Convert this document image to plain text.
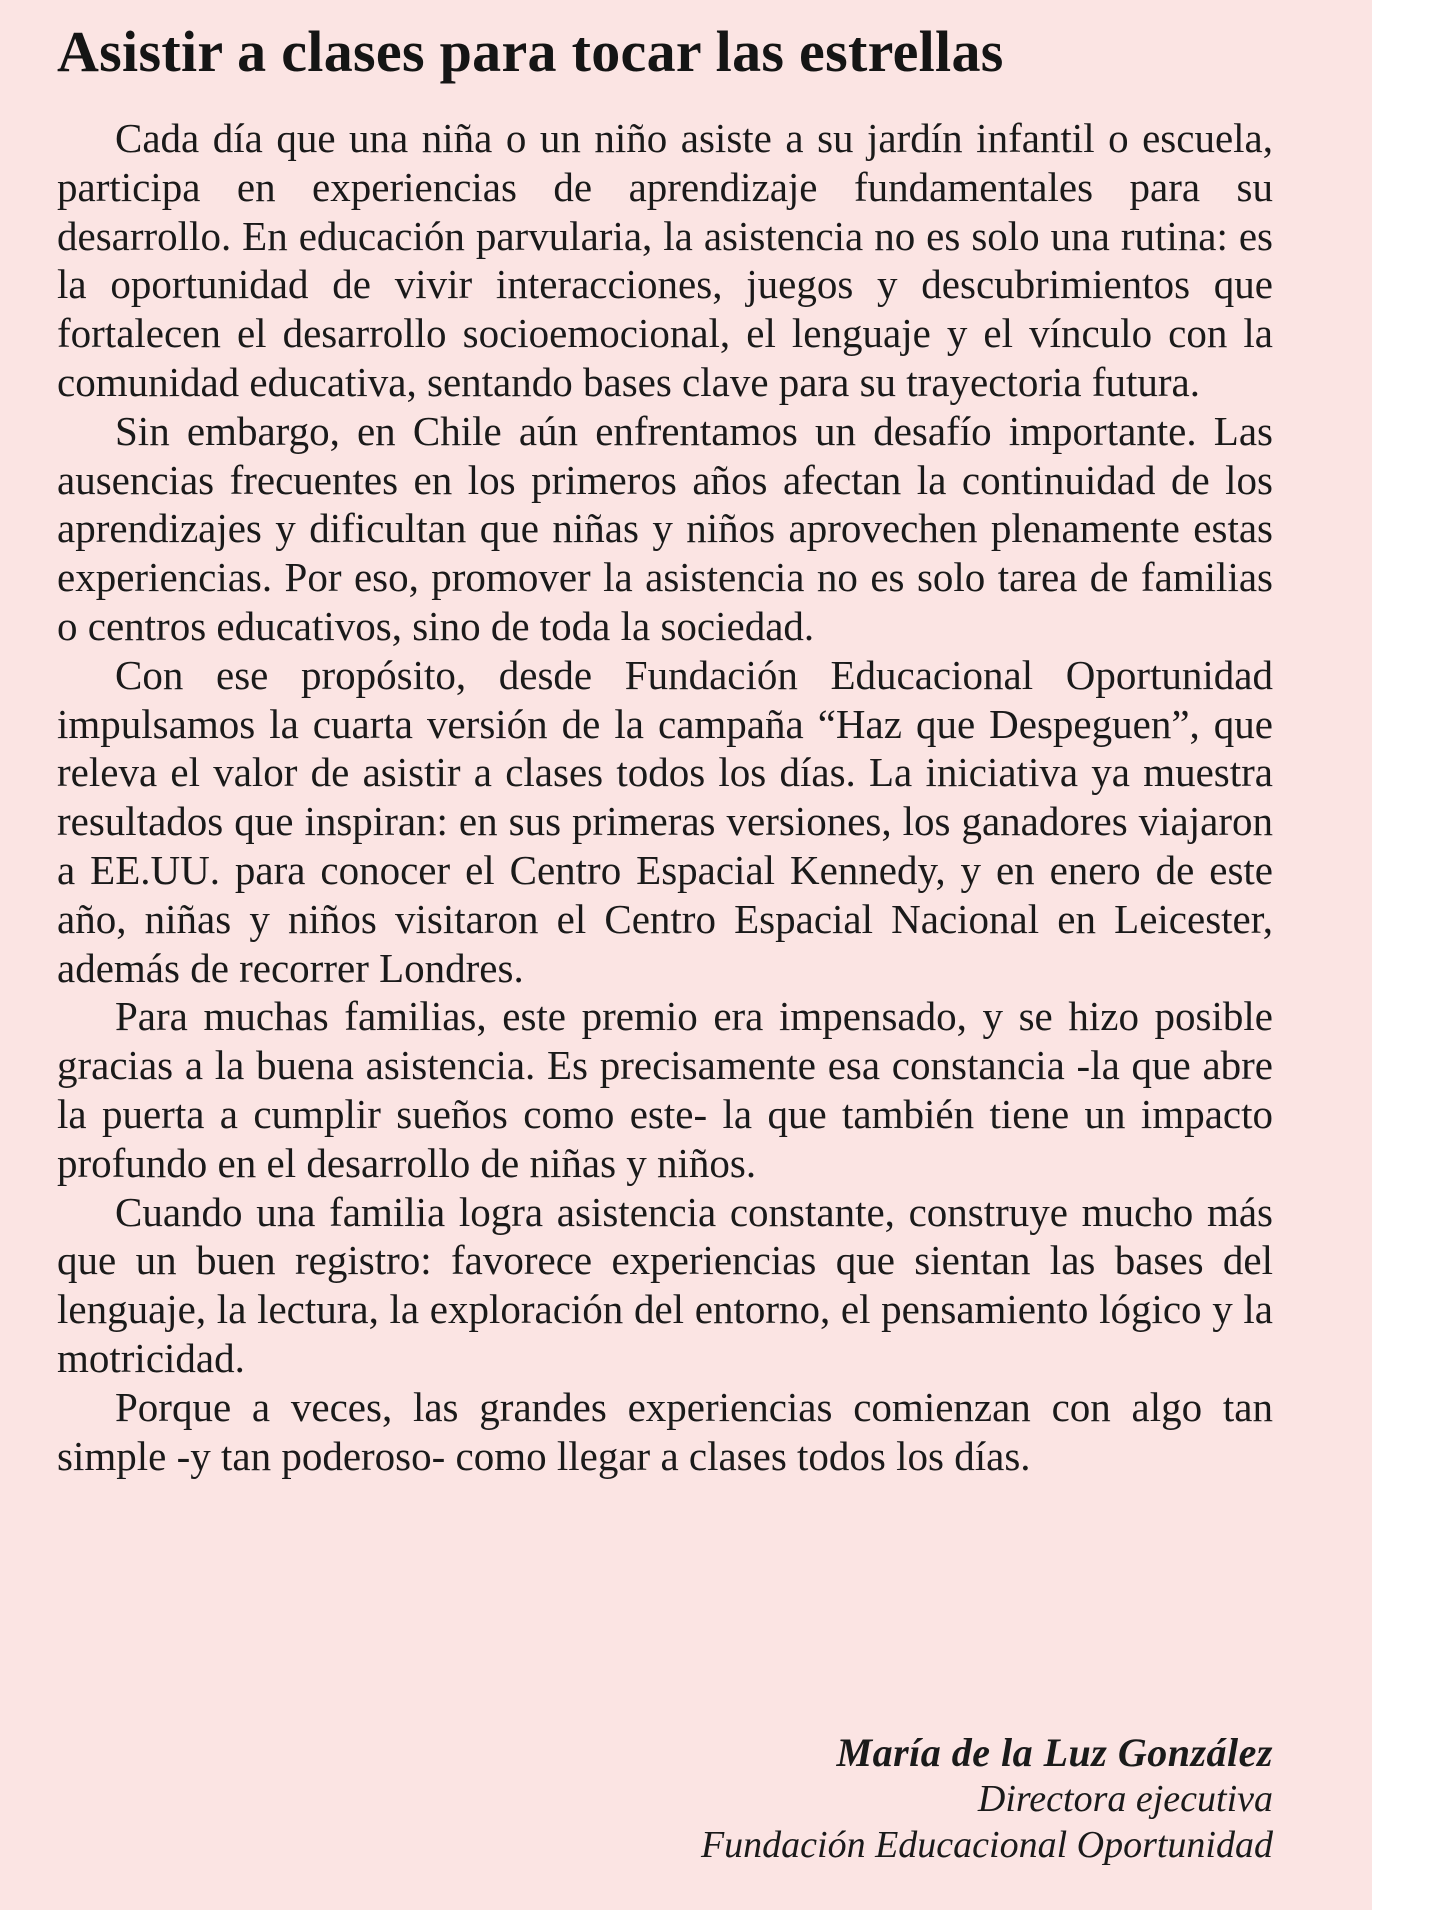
Asistir a clases para tocar las estrellas

Cada día que una niña o un niño asiste a su jardín infantil o escuela, participa en experiencias de aprendizaje fundamentales para su desarrollo. En educación parvularia, la asistencia no es solo una rutina: es la oportunidad de vivir interacciones, juegos y descubrimientos que fortalecen el desarrollo socioemocional, el lenguaje y el vínculo con la comunidad educativa, sentando bases clave para su trayectoria futura.

Sin embargo, en Chile aún enfrentamos un desafío importante. Las ausencias frecuentes en los primeros años afectan la continuidad de los aprendizajes y dificultan que niñas y niños aprovechen plenamente estas experiencias. Por eso, promover la asistencia no es solo tarea de familias o centros educativos, sino de toda la sociedad.

Con ese propósito, desde Fundación Educacional Oportunidad impulsamos la cuarta versión de la campaña “Haz que Despeguen”, que releva el valor de asistir a clases todos los días. La iniciativa ya muestra resultados que inspiran: en sus primeras versiones, los ganadores viajaron a EE.UU. para conocer el Centro Espacial Kennedy, y en enero de este año, niñas y niños visitaron el Centro Espacial Nacional en Leicester, además de recorrer Londres.

Para muchas familias, este premio era impensado, y se hizo posible gracias a la buena asistencia. Es precisamente esa constancia -la que abre la puerta a cumplir sueños como este- la que también tiene un impacto profundo en el desarrollo de niñas y niños.

Cuando una familia logra asistencia constante, construye mucho más que un buen registro: favorece experiencias que sientan las bases del lenguaje, la lectura, la exploración del entorno, el pensamiento lógico y la motricidad.

Porque a veces, las grandes experiencias comienzan con algo tan simple -y tan poderoso- como llegar a clases todos los días.

María de la Luz González
Directora ejecutiva
Fundación Educacional Oportunidad
